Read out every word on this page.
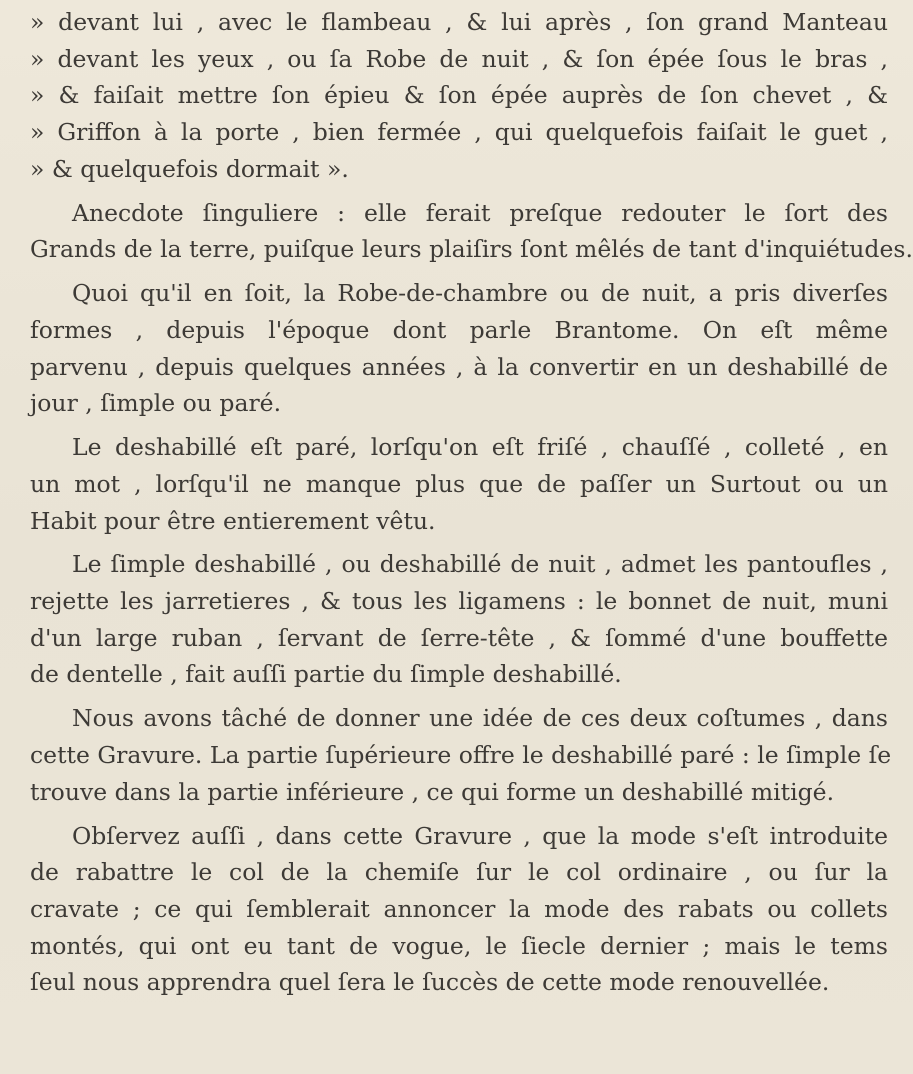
» devant lui , avec le flambeau , & lui après , ſon grand Manteau
» devant les yeux , ou ſa Robe de nuit , & ſon épée ſous le bras ,
» & faiſait mettre ſon épieu & ſon épée auprès de ſon chevet , &
» Griffon à la porte , bien fermée , qui quelquefois faiſait le guet ,
» & quelquefois dormait ».
Anecdote ſinguliere : elle ferait preſque redouter le ſort des
Grands de la terre, puiſque leurs plaiſirs ſont mêlés de tant d'inquiétudes.
Quoi qu'il en ſoit, la Robe-de-chambre ou de nuit, a pris diverſes
formes , depuis l'époque dont parle Brantome. On eſt même
parvenu , depuis quelques années , à la convertir en un deshabillé de
jour , ſimple ou paré.
Le deshabillé eſt paré, lorſqu'on eſt friſé , chauſſé , colleté , en
un mot , lorſqu'il ne manque plus que de paſſer un Surtout ou un
Habit pour être entierement vêtu.
Le ſimple deshabillé , ou deshabillé de nuit , admet les pantoufles ,
rejette les jarretieres , & tous les ligamens : le bonnet de nuit, muni
d'un large ruban , ſervant de ſerre-tête , & ſommé d'une bouffette
de dentelle , fait auſſi partie du ſimple deshabillé.
Nous avons tâché de donner une idée de ces deux coſtumes , dans
cette Gravure. La partie ſupérieure offre le deshabillé paré : le ſimple ſe
trouve dans la partie inférieure , ce qui forme un deshabillé mitigé.
Obſervez auſſi , dans cette Gravure , que la mode s'eſt introduite
de rabattre le col de la chemiſe ſur le col ordinaire , ou ſur la
cravate ; ce qui ſemblerait annoncer la mode des rabats ou collets
montés, qui ont eu tant de vogue, le ſiecle dernier ; mais le tems
ſeul nous apprendra quel ſera le ſuccès de cette mode renouvellée.
